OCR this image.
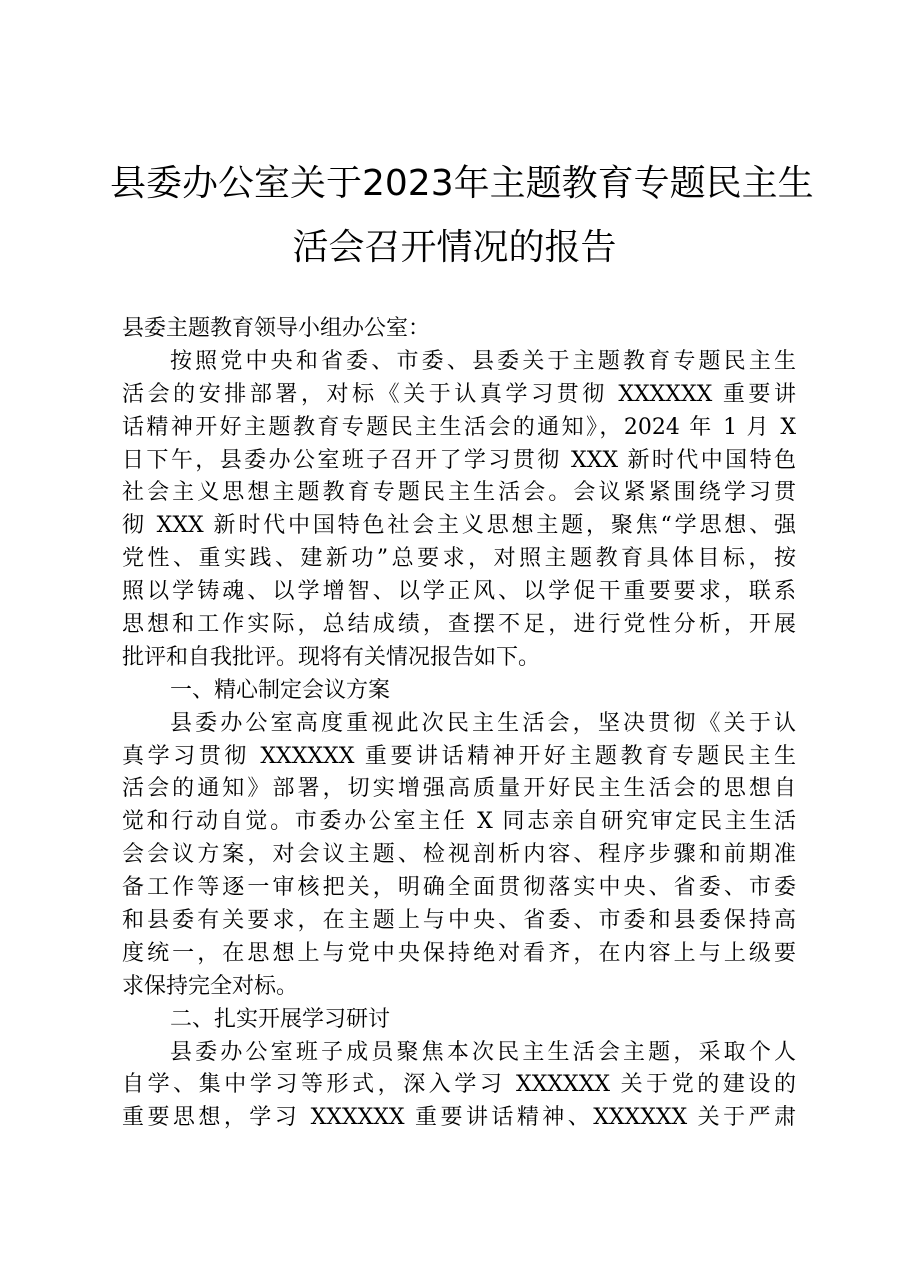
县委办公室关于2023年主题教育专题民主生
活会召开情况的报告
县委主题教育领导小组办公室：
按照党中央和省委、市委、县委关于主题教育专题民主生
活会的安排部署，对标《关于认真学习贯彻 XXXXXX 重要讲
话精神开好主题教育专题民主生活会的通知》，2024 年 1 月 X
日下午，县委办公室班子召开了学习贯彻 XXX 新时代中国特色
社会主义思想主题教育专题民主生活会。会议紧紧围绕学习贯
彻 XXX 新时代中国特色社会主义思想主题，聚焦“学思想、强
党性、重实践、建新功”总要求，对照主题教育具体目标，按
照以学铸魂、以学增智、以学正风、以学促干重要要求，联系
思想和工作实际，总结成绩，查摆不足，进行党性分析，开展
批评和自我批评。现将有关情况报告如下。
一、精心制定会议方案
县委办公室高度重视此次民主生活会，坚决贯彻《关于认
真学习贯彻 XXXXXX 重要讲话精神开好主题教育专题民主生
活会的通知》部署，切实增强高质量开好民主生活会的思想自
觉和行动自觉。市委办公室主任 X 同志亲自研究审定民主生活
会会议方案，对会议主题、检视剖析内容、程序步骤和前期准
备工作等逐一审核把关，明确全面贯彻落实中央、省委、市委
和县委有关要求，在主题上与中央、省委、市委和县委保持高
度统一，在思想上与党中央保持绝对看齐，在内容上与上级要
求保持完全对标。
二、扎实开展学习研讨
县委办公室班子成员聚焦本次民主生活会主题，采取个人
自学、集中学习等形式，深入学习 XXXXXX 关于党的建设的
重要思想，学习 XXXXXX 重要讲话精神、XXXXXX 关于严肃
